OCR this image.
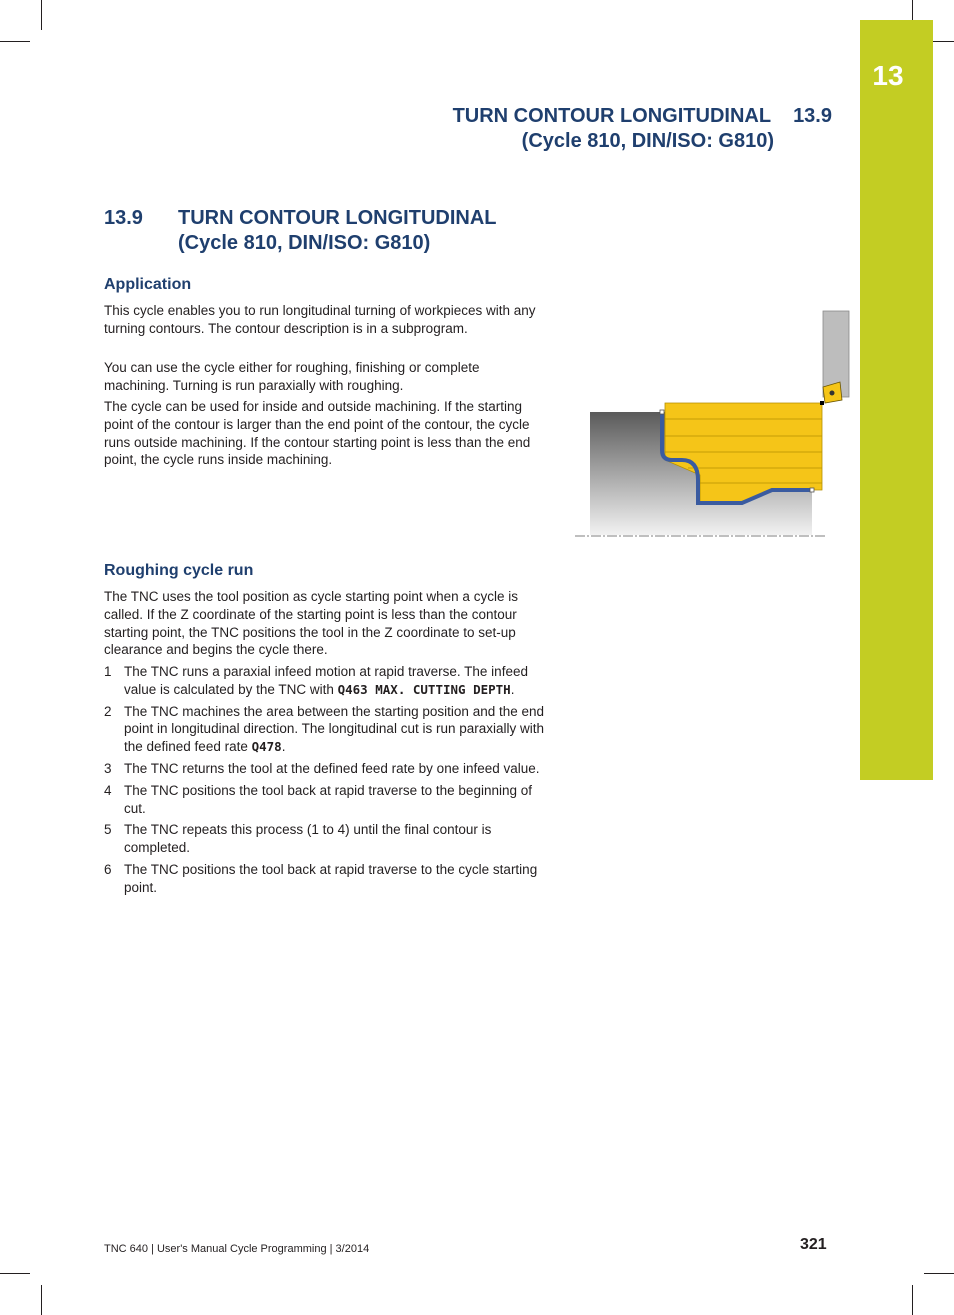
13
TURN CONTOUR LONGITUDINAL 13.9
(Cycle 810, DIN/ISO: G810)
13.9 TURN CONTOUR LONGITUDINAL
(Cycle 810, DIN/ISO: G810)
Application

This cycle enables you to run longitudinal turning of workpieces with any turning contours. The contour description is in a subprogram.

You can use the cycle either for roughing, finishing or complete machining. Turning is run paraxially with roughing.

The cycle can be used for inside and outside machining. If the starting point of the contour is larger than the end point of the contour, the cycle runs outside machining. If the contour starting point is less than the end point, the cycle runs inside machining.

Roughing cycle run

The TNC uses the tool position as cycle starting point when a cycle is called. If the Z coordinate of the starting point is less than the contour starting point, the TNC positions the tool in the Z coordinate to set-up clearance and begins the cycle there.

1 The TNC runs a paraxial infeed motion at rapid traverse. The infeed value is calculated by the TNC with Q463 MAX. CUTTING DEPTH.
2 The TNC machines the area between the starting position and the end point in longitudinal direction. The longitudinal cut is run paraxially with the defined feed rate Q478.
3 The TNC returns the tool at the defined feed rate by one infeed value.
4 The TNC positions the tool back at rapid traverse to the beginning of cut.
5 The TNC repeats this process (1 to 4) until the final contour is completed.
6 The TNC positions the tool back at rapid traverse to the cycle starting point.
TNC 640 | User's Manual Cycle Programming | 3/2014	321
